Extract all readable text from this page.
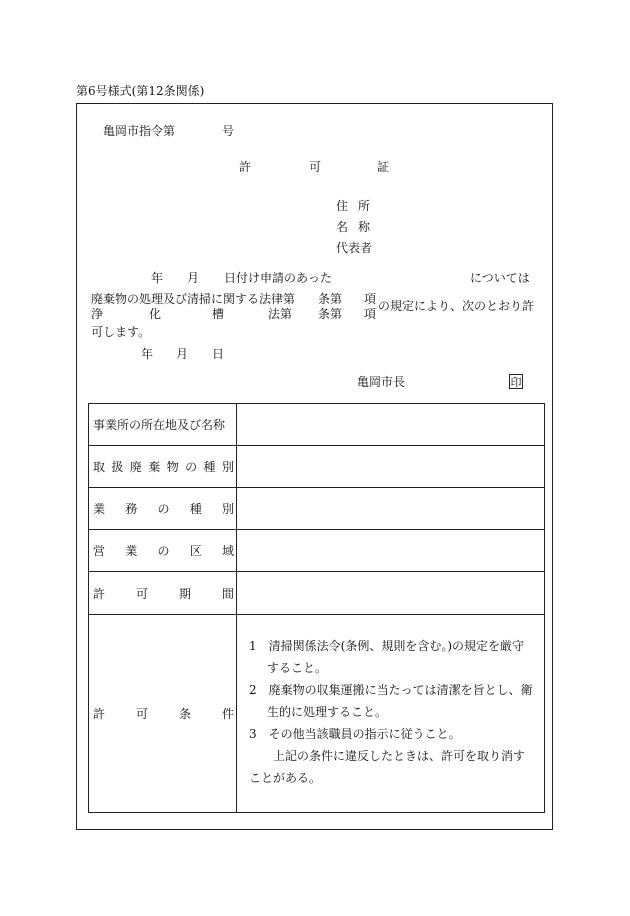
第6号様式(第12条関係)
亀岡市指令第	号
許	可	証
住 所
名 称
代表者
年 月 日付け申請のあった	については
廃棄物の処理及び清掃に関する法律第 条第 項
浄	化	槽	法第 条第 項
の規定により、次のとおり許
可します。
年 月 日
亀岡市長	印
事業所の所在地及び名称
取 扱 廃 棄 物 の 種 別
業 務 の 種 別
営 業 の 区 域
許	可	期	間
許	可	条	件

1　清掃関係法令(条例、規則を含む。)の規定を厳守すること。

2　廃棄物の収集運搬に当たっては清潔を旨とし、衛生的に処理すること。

3　その他当該職員の指示に従うこと。

上記の条件に違反したときは、許可を取り消すことがある。
